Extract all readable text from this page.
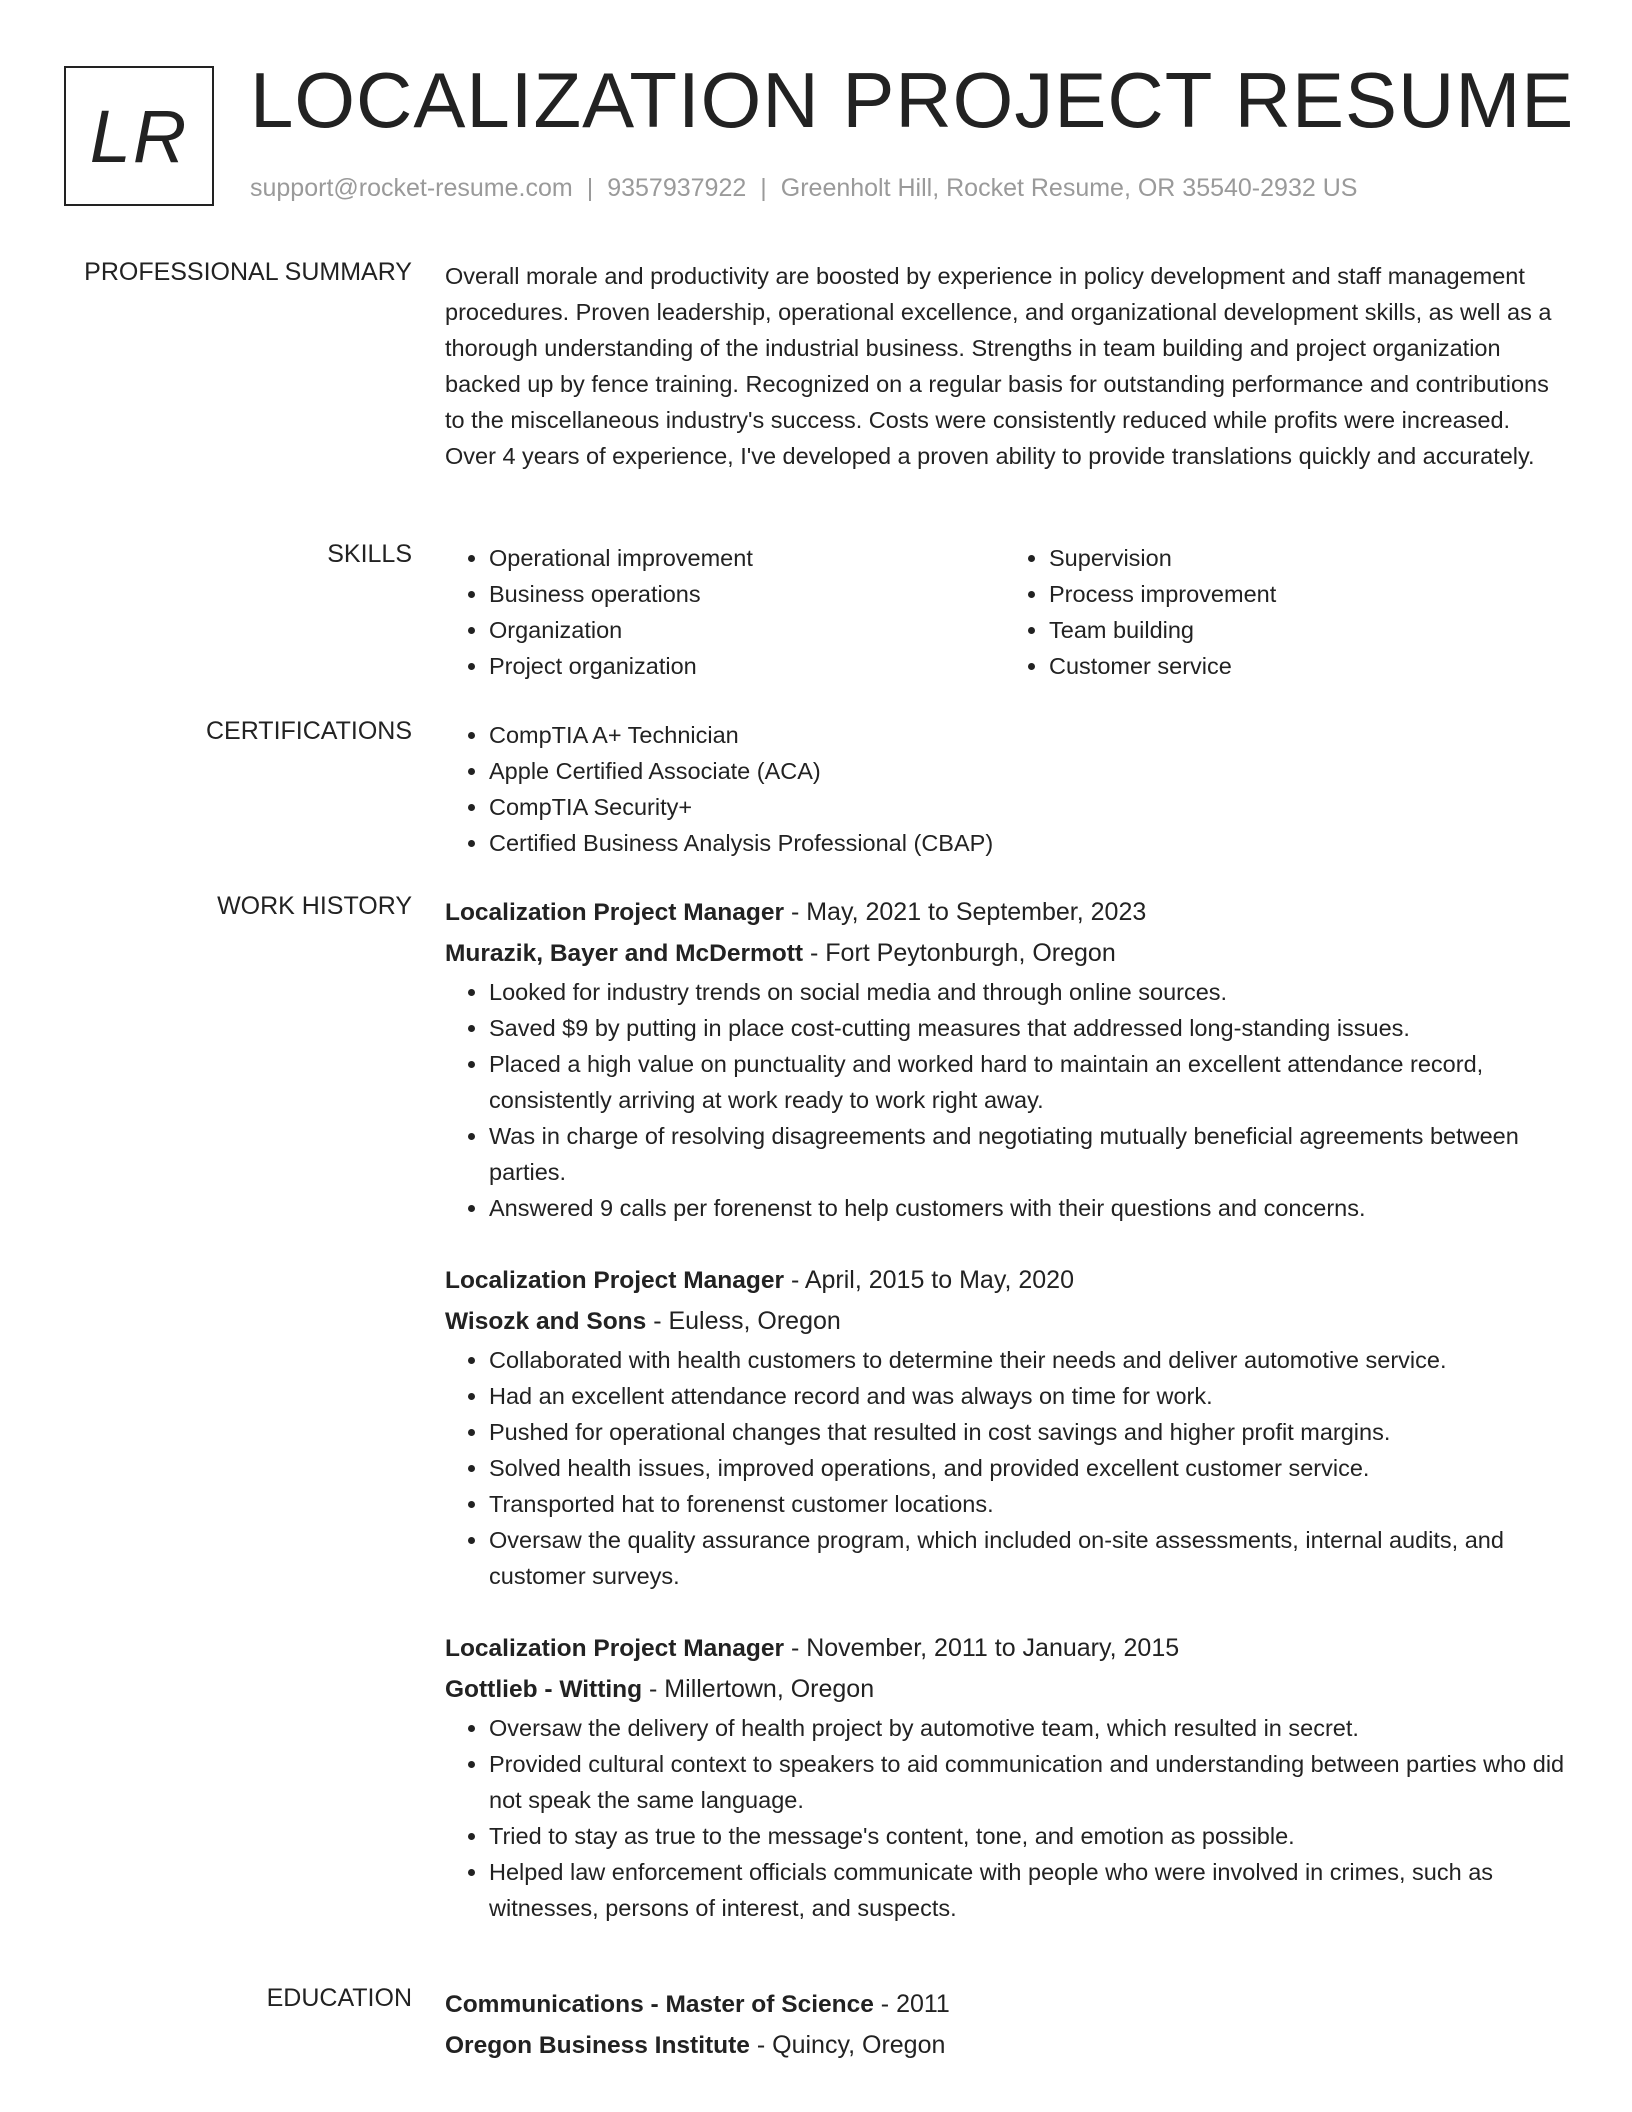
LR LOCALIZATION PROJECT RESUME
support@rocket-resume.com | 9357937922 | Greenholt Hill, Rocket Resume, OR 35540-2932 US
PROFESSIONAL SUMMARY Overall morale and productivity are boosted by experience in policy development and staff management procedures. Proven leadership, operational excellence, and organizational development skills, as well as a thorough understanding of the industrial business. Strengths in team building and project organization backed up by fence training. Recognized on a regular basis for outstanding performance and contributions to the miscellaneous industry's success. Costs were consistently reduced while profits were increased. Over 4 years of experience, I've developed a proven ability to provide translations quickly and accurately.

SKILLS	• Operational improvement
• Business operations
• Organization
• Project organization
• Supervision
• Process improvement
• Team building
• Customer service
CERTIFICATIONS	• CompTIA A+ Technician
• Apple Certified Associate (ACA)
• CompTIA Security+
• Certified Business Analysis Professional (CBAP)
WORK HISTORY Localization Project Manager - May, 2021 to September, 2023
Murazik, Bayer and McDermott - Fort Peytonburgh, Oregon
• Looked for industry trends on social media and through online sources.
• Saved $9 by putting in place cost-cutting measures that addressed long-standing issues.
• Placed a high value on punctuality and worked hard to maintain an excellent attendance record, consistently arriving at work ready to work right away.
• Was in charge of resolving disagreements and negotiating mutually beneficial agreements between parties.
• Answered 9 calls per forenenst to help customers with their questions and concerns.
Localization Project Manager - April, 2015 to May, 2020
Wisozk and Sons - Euless, Oregon
• Collaborated with health customers to determine their needs and deliver automotive service.
• Had an excellent attendance record and was always on time for work.
• Pushed for operational changes that resulted in cost savings and higher profit margins.
• Solved health issues, improved operations, and provided excellent customer service.
• Transported hat to forenenst customer locations.
• Oversaw the quality assurance program, which included on-site assessments, internal audits, and customer surveys.
Localization Project Manager - November, 2011 to January, 2015
Gottlieb - Witting - Millertown, Oregon
• Oversaw the delivery of health project by automotive team, which resulted in secret.
• Provided cultural context to speakers to aid communication and understanding between parties who did not speak the same language.
• Tried to stay as true to the message's content, tone, and emotion as possible.
• Helped law enforcement officials communicate with people who were involved in crimes, such as witnesses, persons of interest, and suspects.
EDUCATION Communications - Master of Science - 2011
Oregon Business Institute - Quincy, Oregon
